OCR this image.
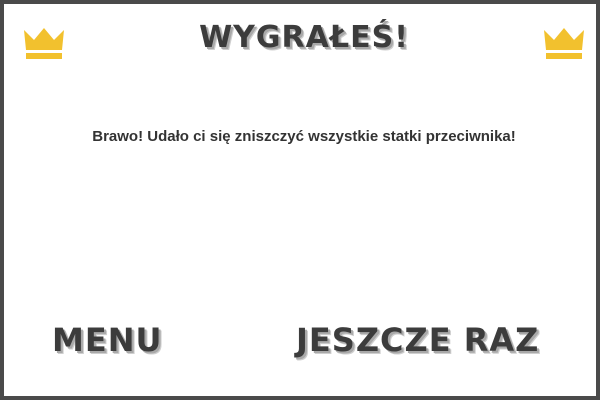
WYGRAŁEŚ!
Brawo! Udało ci się zniszczyć wszystkie statki przeciwnika!
MENU	JESZCZE RAZ
